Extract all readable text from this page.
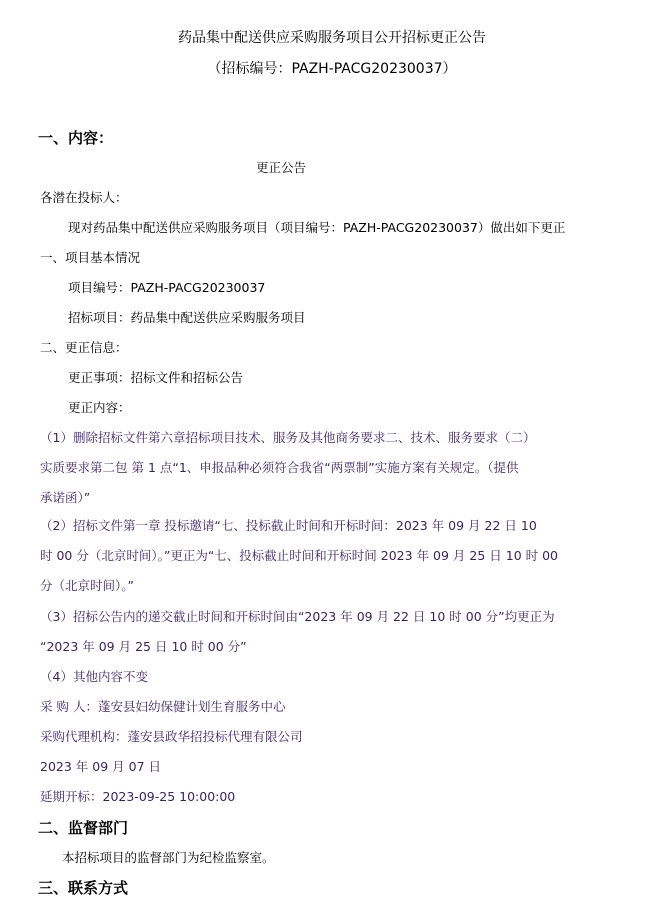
药品集中配送供应采购服务项目公开招标更正公告
（招标编号：PAZH-PACG20230037）
一、内容：
更正公告
各潜在投标人：
现对药品集中配送供应采购服务项目（项目编号：PAZH-PACG20230037）做出如下更正
一、项目基本情况
项目编号：PAZH-PACG20230037
招标项目：药品集中配送供应采购服务项目
二、更正信息：
更正事项：招标文件和招标公告
更正内容：
（1）删除招标文件第六章招标项目技术、服务及其他商务要求二、技术、服务要求（二）
实质要求第二包 第 1 点“1、申报品种必须符合我省“两票制”实施方案有关规定。（提供
承诺函）”
（2）招标文件第一章 投标邀请“七、投标截止时间和开标时间：2023 年 09 月 22 日 10
时 00 分（北京时间）。”更正为“七、投标截止时间和开标时间 2023 年 09 月 25 日 10 时 00
分（北京时间）。”
（3）招标公告内的递交截止时间和开标时间由“2023 年 09 月 22 日 10 时 00 分”均更正为
“2023 年 09 月 25 日 10 时 00 分”
（4）其他内容不变
采 购 人：蓬安县妇幼保健计划生育服务中心
采购代理机构：蓬安县政华招投标代理有限公司
2023 年 09 月 07 日
延期开标：2023-09-25 10:00:00
二、监督部门
本招标项目的监督部门为纪检监察室。
三、联系方式
